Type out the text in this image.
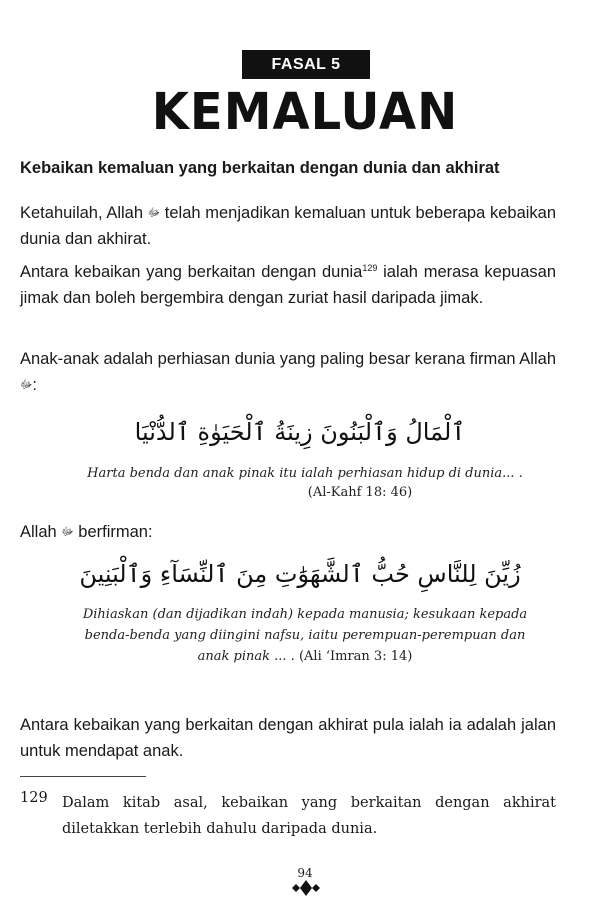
FASAL 5
KEMALUAN
Kebaikan kemaluan yang berkaitan dengan dunia dan akhirat
Ketahuilah, Allah ﷻ telah menjadikan kemaluan untuk beberapa kebaikan dunia dan akhirat.
Antara kebaikan yang berkaitan dengan dunia$^{129}$ ialah merasa kepuasan jimak dan boleh bergembira dengan zuriat hasil daripada jimak.
Anak-anak adalah perhiasan dunia yang paling besar kerana firman Allah ﷻ:
ٱلْمَالُ وَٱلْبَنُونَ زِينَةُ ٱلْحَيَوٰةِ ٱلدُّنْيَا
Harta benda dan anak pinak itu ialah perhiasan hidup di dunia... .
(Al-Kahf 18: 46)
Allah ﷻ berfirman:
زُيِّنَ لِلنَّاسِ حُبُّ ٱلشَّهَوَٰتِ مِنَ ٱلنِّسَآءِ وَٱلْبَنِينَ
Dihiaskan (dan dijadikan indah) kepada manusia; kesukaan kepada
benda-benda yang diingini nafsu, iaitu perempuan-perempuan dan
anak pinak ... . (Ali ‘Imran 3: 14)
Antara kebaikan yang berkaitan dengan akhirat pula ialah ia adalah jalan untuk mendapat anak.
129 Dalam kitab asal, kebaikan yang berkaitan dengan akhirat diletakkan terlebih dahulu daripada dunia.
94
